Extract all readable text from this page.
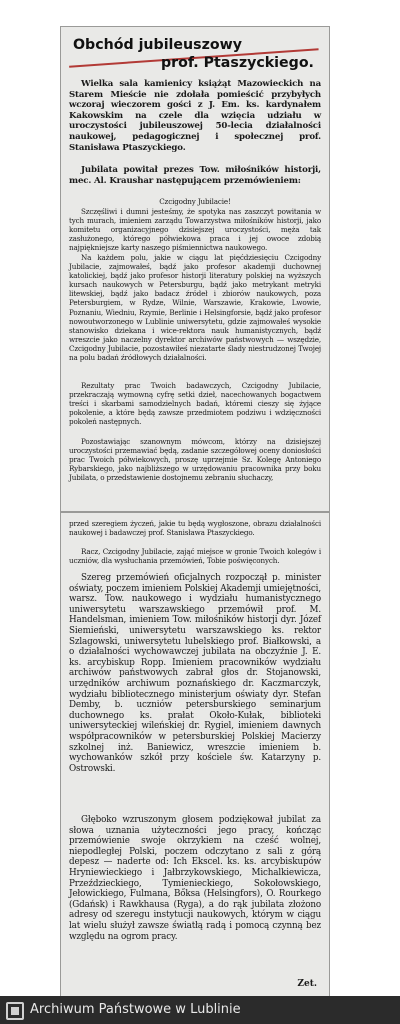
Obchód jubileuszowy
prof. Ptaszyckiego.

Wielka sala kamienicy książąt Mazowieckich na Starem Mieście nie zdołała pomieścić przybyłych wczoraj wieczorem gości z J. Em. ks. kardynałem Kakowskim na czele dla wzięcia udziału w uroczystości jubileuszowej 50-lecia działalności naukowej, pedagogicznej i społecznej prof. Stanisława Ptaszyckiego.

Jubilata powitał prezes Tow. miłośników historji, mec. Al. Kraushar następującem przemówieniem:

Czcigodny Jubilacie!

Szczęśliwi i dumni jesteśmy, że spotyka nas zaszczyt powitania w tych murach, imieniem zarządu Towarzystwa miłośników historji, jako komitetu organizacyjnego dzisiejszej uroczystości, męża tak zasłużonego, którego półwiekowa praca i jej owoce zdobią najpiękniejsze karty naszego piśmiennictwa naukowego.

Na każdem polu, jakie w ciągu lat pięćdziesięciu Czcigodny Jubilacie, zajmowałeś, bądź jako profesor akademji duchownej katolickiej, bądź jako profesor historji literatury polskiej na wyższych kursach naukowych w Petersburgu, bądź jako metrykant metryki litewskiej, bądź jako badacz źródeł i zbiorów naukowych, poza Petersburgiem, w Rydze, Wilnie, Warszawie, Krakowie, Lwowie, Poznaniu, Wiedniu, Rzymie, Berlinie i Helsingforsie, bądź jako profesor nowoutworzonego w Lublinie uniwersytetu, gdzie zajmowałeś wysokie stanowisko dziekana i wice-rektora nauk humanistycznych, bądź wreszcie jako naczelny dyrektor archiwów państwowych — wszędzie, Czcigodny Jubilacie, pozostawiłeś niezatarte ślady niestrudzonej Twojej na polu badań źródłowych działalności.

Rezultaty prac Twoich badawczych, Czcigodny Jubilacie, przekraczają wymowną cyfrę setki dzieł, nacechowanych bogactwem treści i skarbami samodzielnych badań, któremi cieszy się żyjące pokolenie, a które będą zawsze przedmiotem podziwu i wdzięczności pokoleń następnych.

Pozostawiając szanownym mówcom, którzy na dzisiejszej uroczystości przemawiać będą, zadanie szczegółowej oceny doniosłości prac Twoich półwiekowych, proszę uprzejmie Sz. Kolegę Antoniego Rybarskiego, jako najbliższego w urzędowaniu pracownika przy boku Jubilata, o przedstawienie dostojnemu zebraniu słuchaczy,

przed szeregiem życzeń, jakie tu będą wygłoszone, obrazu działalności naukowej i badawczej prof. Stanisława Ptaszyckiego.

Racz, Czcigodny Jubilacie, zająć miejsce w gronie Twoich kolegów i uczniów, dla wysłuchania przemówień, Tobie poświęconych.

Szereg przemówień oficjalnych rozpoczął p. minister oświaty, poczem imieniem Polskiej Akademji umiejętności, warsz. Tow. naukowego i wydziału humanistycznego uniwersytetu warszawskiego przemówił prof. M. Handelsman, imieniem Tow. miłośników historji dyr. Józef Siemieński, uniwersytetu warszawskiego ks. rektor Szlagowski, uniwersytetu lubelskiego prof. Białkowski, a o działalności wychowawczej jubilata na obczyźnie J. E. ks. arcybiskup Ropp. Imieniem pracowników wydziału archiwów państwowych zabrał głos dr. Stojanowski, urzędników archiwum poznańskiego dr. Kaczmarczyk, wydziału bibliotecznego ministerjum oświaty dyr. Stefan Demby, b. uczniów petersburskiego seminarjum duchownego ks. prałat Około-Kułak, biblioteki uniwersyteckiej wileńskiej dr. Rygiel, imieniem dawnych współpracowników w petersburskiej Polskiej Macierzy szkolnej inż. Baniewicz, wreszcie imieniem b. wychowanków szkół przy kościele św. Katarzyny p. Ostrowski.

Głęboko wzruszonym głosem podziękował jubilat za słowa uznania użyteczności jego pracy, kończąc przemówienie swoje okrzykiem na cześć wolnej, niepodległej Polski, poczem odczytano z sali z górą depesz — naderte od: Ich Ekscel. ks. ks. arcybiskupów Hryniewieckiego i Jałbrzykowskiego, Michalkiewicza, Przeździeckiego, Tymienieckiego, Sokołowskiego, Jełowickiego, Fulmana, Bőksa (Helsingfors), O. Rourkego (Gdańsk) i Rawkhausa (Ryga), a do rąk jubilata złożono adresy od szeregu instytucji naukowych, którym w ciągu lat wielu służył zawsze światłą radą i pomocą czynną bez względu na ogrom pracy.

Zet.
Archiwum Państwowe w Lublinie
